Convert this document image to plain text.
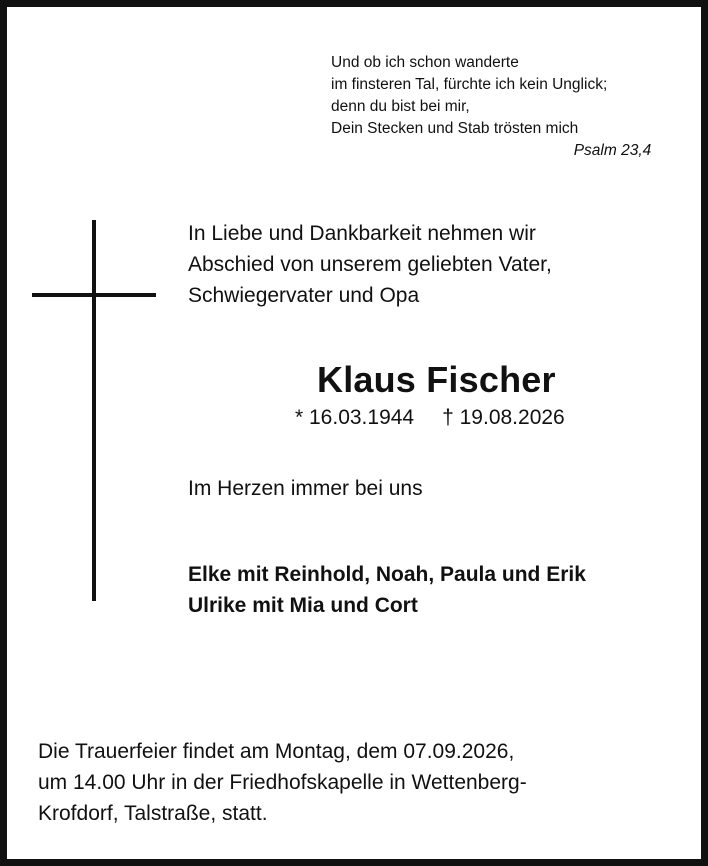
Und ob ich schon wanderte
im finsteren Tal, fürchte ich kein Unglick;
denn du bist bei mir,
Dein Stecken und Stab trösten mich
Psalm 23,4
In Liebe und Dankbarkeit nehmen wir
Abschied von unserem geliebten Vater,
Schwiegervater und Opa
Klaus Fischer
* 16.03.1944 † 19.08.2026
Im Herzen immer bei uns
Elke mit Reinhold, Noah, Paula und Erik
Ulrike mit Mia und Cort
Die Trauerfeier findet am Montag, dem 07.09.2026,
um 14.00 Uhr in der Friedhofskapelle in Wettenberg-
Krofdorf, Talstraße, statt.
